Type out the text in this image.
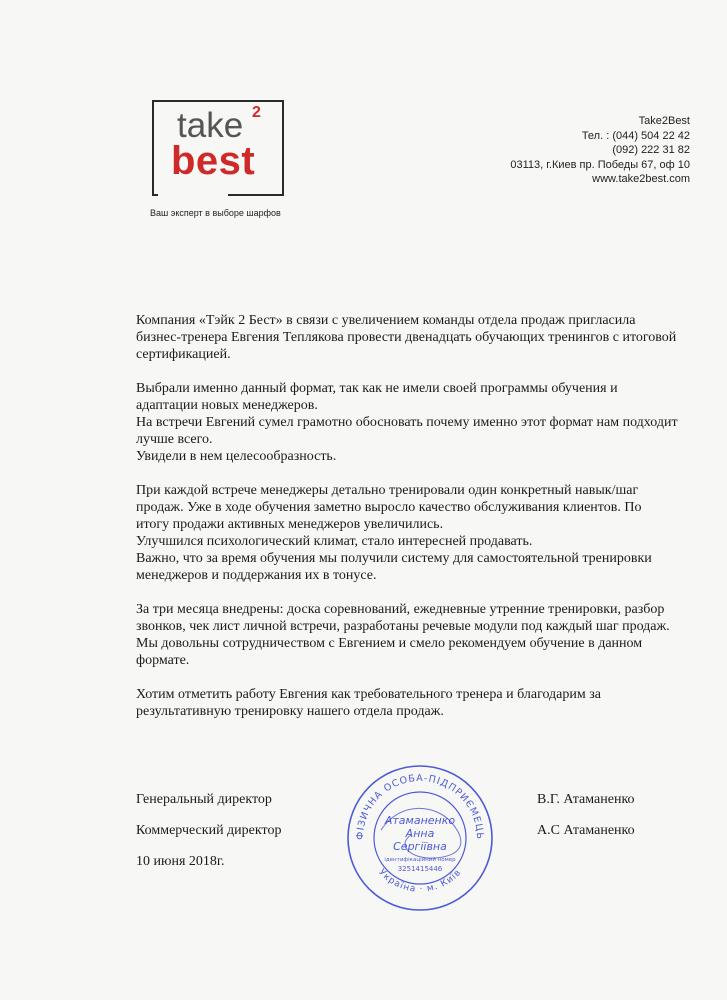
take 2
best
Ваш эксперт в выборе шарфов
Take2Best
Тел. : (044) 504 22 42
(092) 222 31 82
03113, г.Киев пр. Победы 67, оф 10
www.take2best.com

Компания «Тэйк 2 Бест» в связи с увеличением команды отдела продаж пригласила
бизнес-тренера Евгения Теплякова провести двенадцать обучающих тренингов с итоговой
сертификацией.

Выбрали именно данный формат, так как не имели своей программы обучения и
адаптации новых менеджеров.
На встречи Евгений сумел грамотно обосновать почему именно этот формат нам подходит
лучше всего.
Увидели в нем целесообразность.

При каждой встрече менеджеры детально тренировали один конкретный навык/шаг
продаж. Уже в ходе обучения заметно выросло качество обслуживания клиентов. По
итогу продажи активных менеджеров увеличились.
Улучшился психологический климат, стало интересней продавать.
Важно, что за время обучения мы получили систему для самостоятельной тренировки
менеджеров и поддержания их в тонусе.

За три месяца внедрены: доска соревнований, ежедневные утренние тренировки, разбор
звонков, чек лист личной встречи, разработаны речевые модули под каждый шаг продаж.
Мы довольны сотрудничеством с Евгением и смело рекомендуем обучение в данном
формате.

Хотим отметить работу Евгения как требовательного тренера и благодарим за
результативную тренировку нашего отдела продаж.

Генеральный директор	В.Г. Атаманенко
Коммерческий директор	А.С Атаманенко
10 июня 2018г.
ФІЗИЧНА ОСОБА-ПІДПРИЄМЕЦЬ
Україна · м. Київ
Атаманенко
Анна
Сергіївна
ідентифікаційний номер
3251415446
